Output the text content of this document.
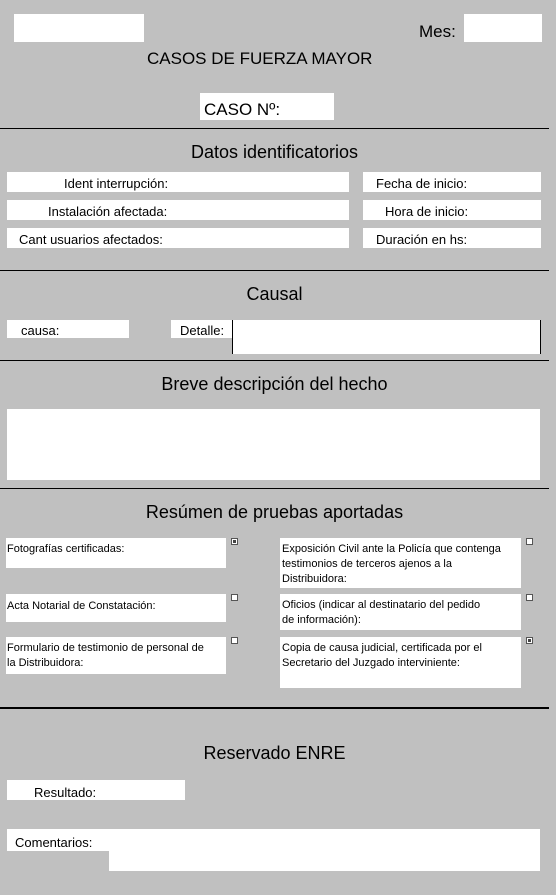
Mes:
CASOS DE FUERZA MAYOR
CASO Nº:
Datos identificatorios
Ident interrupción:
Instalación afectada:
Cant usuarios afectados:
Fecha de inicio:
Hora de inicio:
Duración en hs:
Causal
causa:	Detalle:
Breve descripción del hecho
Resúmen de pruebas aportadas
Fotografías certificadas:
Acta Notarial de Constatación:
Formulario de testimonio de personal de la Distribuidora:
Exposición Civil ante la Policía que contenga testimonios de terceros ajenos a la Distribuidora:
Oficios (indicar al destinatario del pedido de información):
Copia de causa judicial, certificada por el Secretario del Juzgado interviniente:
Reservado ENRE
Resultado:
Comentarios:
